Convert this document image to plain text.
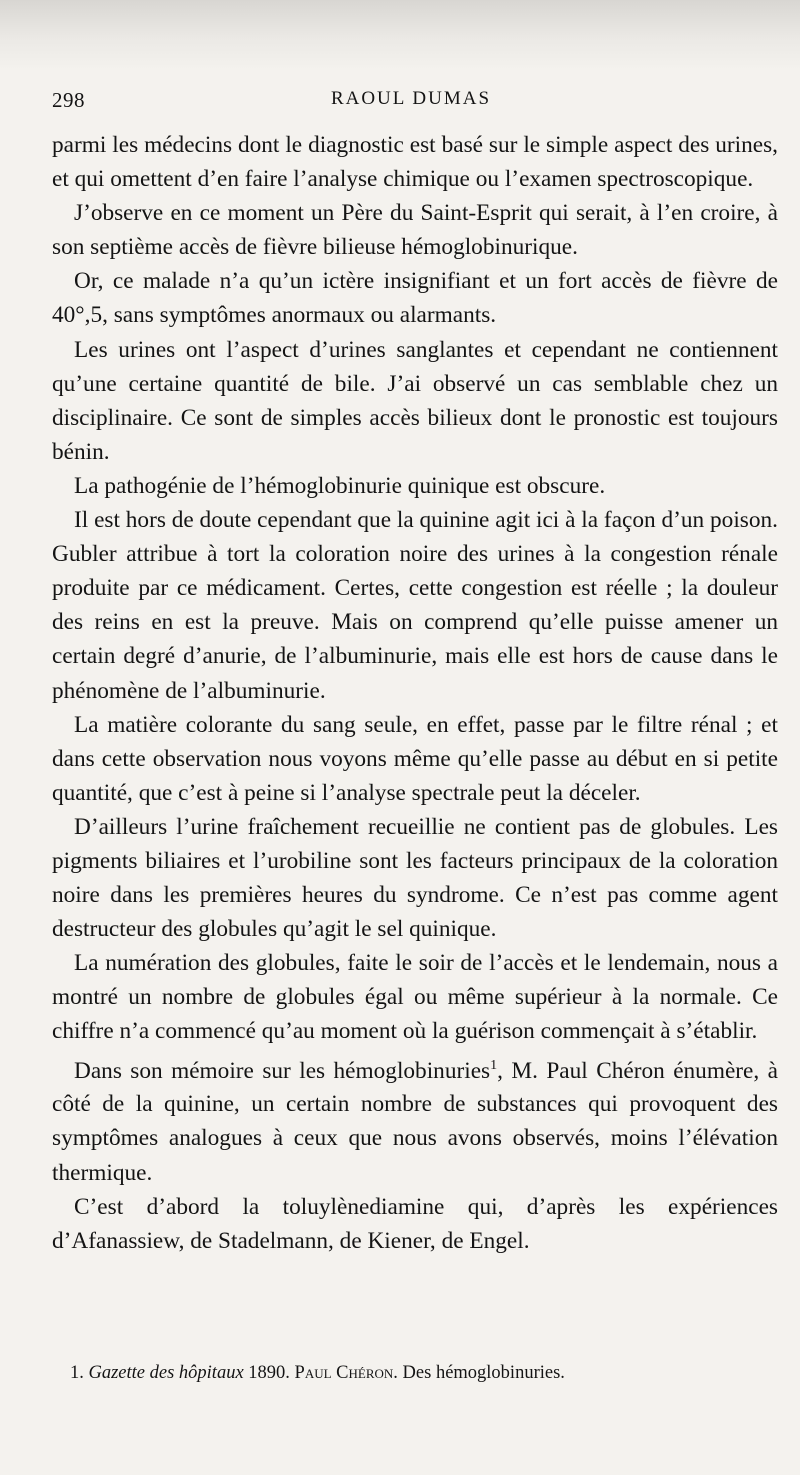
298	RAOUL DUMAS

parmi les médecins dont le diagnostic est basé sur le simple aspect des urines, et qui omettent d’en faire l’analyse chimique ou l’examen spectroscopique.

J’observe en ce moment un Père du Saint-Esprit qui serait, à l’en croire, à son septième accès de fièvre bilieuse hémoglobinurique.

Or, ce malade n’a qu’un ictère insignifiant et un fort accès de fièvre de 40°,5, sans symptômes anormaux ou alarmants.

Les urines ont l’aspect d’urines sanglantes et cependant ne contiennent qu’une certaine quantité de bile. J’ai observé un cas semblable chez un disciplinaire. Ce sont de simples accès bilieux dont le pronostic est toujours bénin.

La pathogénie de l’hémoglobinurie quinique est obscure.

Il est hors de doute cependant que la quinine agit ici à la façon d’un poison. Gubler attribue à tort la coloration noire des urines à la congestion rénale produite par ce médicament. Certes, cette congestion est réelle ; la douleur des reins en est la preuve. Mais on comprend qu’elle puisse amener un certain degré d’anurie, de l’albuminurie, mais elle est hors de cause dans le phénomène de l’albuminurie.

La matière colorante du sang seule, en effet, passe par le filtre rénal ; et dans cette observation nous voyons même qu’elle passe au début en si petite quantité, que c’est à peine si l’analyse spectrale peut la déceler.

D’ailleurs l’urine fraîchement recueillie ne contient pas de globules. Les pigments biliaires et l’urobiline sont les facteurs principaux de la coloration noire dans les premières heures du syndrome. Ce n’est pas comme agent destructeur des globules qu’agit le sel quinique.

La numération des globules, faite le soir de l’accès et le lendemain, nous a montré un nombre de globules égal ou même supérieur à la normale. Ce chiffre n’a commencé qu’au moment où la guérison commençait à s’établir.

Dans son mémoire sur les hémoglobinuries$^1$, M. Paul Chéron énumère, à côté de la quinine, un certain nombre de substances qui provoquent des symptômes analogues à ceux que nous avons observés, moins l’élévation thermique.

C’est d’abord la toluylènediamine qui, d’après les expériences d’Afanassiew, de Stadelmann, de Kiener, de Engel.

1. Gazette des hôpitaux 1890. Paul Chéron. Des hémoglobinuries.
